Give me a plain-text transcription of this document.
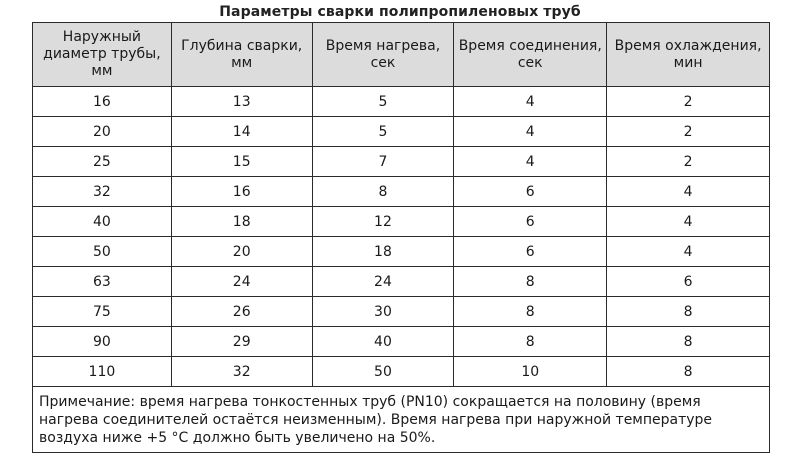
Параметры сварки полипропиленовых труб
Наружный диаметр трубы, мм	Глубина сварки, мм	Время нагрева, сек	Время соединения, сек	Время охлаждения, мин
16	13	5	4	2
20	14	5	4	2
25	15	7	4	2
32	16	8	6	4
40	18	12	6	4
50	20	18	6	4
63	24	24	8	6
75	26	30	8	8
90	29	40	8	8
110	32	50	10	8
Примечание: время нагрева тонкостенных труб (PN10) сокращается на половину (время нагрева соединителей остаётся неизменным). Время нагрева при наружной температуре воздуха ниже +5 °C должно быть увеличено на 50%.				
